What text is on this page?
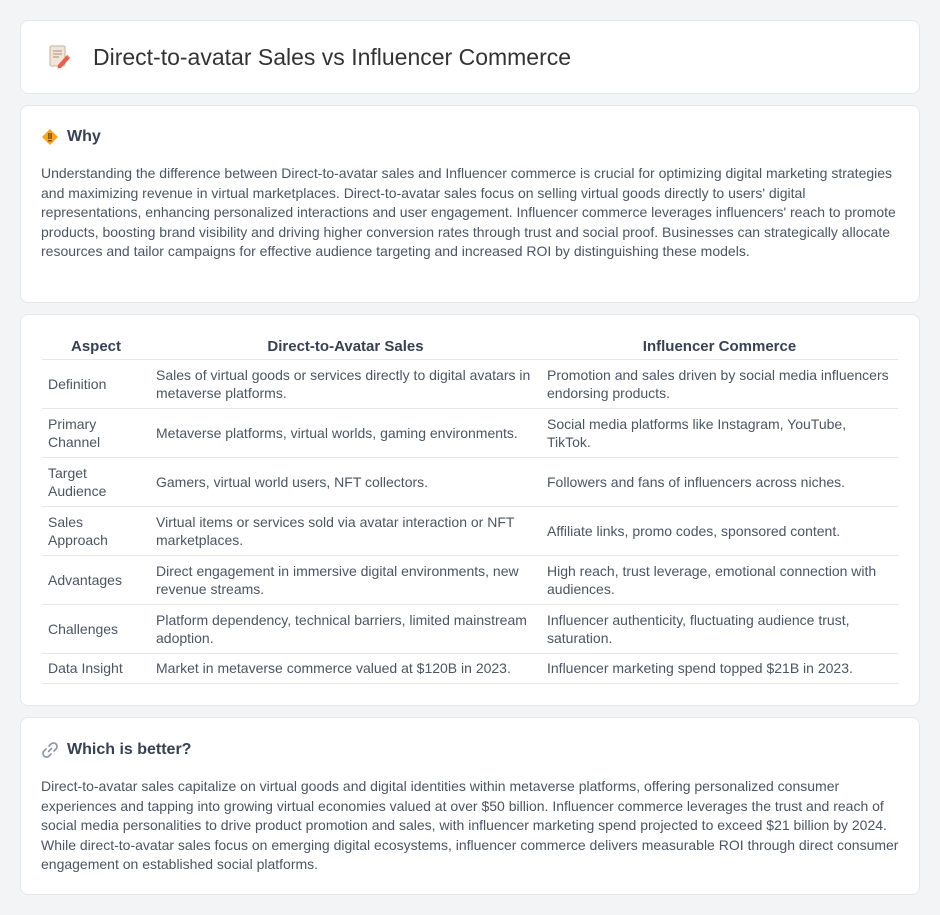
Direct-to-avatar Sales vs Influencer Commerce
Why

Understanding the difference between Direct-to-avatar sales and Influencer commerce is crucial for optimizing digital marketing strategies and maximizing revenue in virtual marketplaces. Direct-to-avatar sales focus on selling virtual goods directly to users' digital representations, enhancing personalized interactions and user engagement. Influencer commerce leverages influencers' reach to promote products, boosting brand visibility and driving higher conversion rates through trust and social proof. Businesses can strategically allocate resources and tailor campaigns for effective audience targeting and increased ROI by distinguishing these models.

Aspect	Direct-to-Avatar Sales	Influencer Commerce
Definition	Sales of virtual goods or services directly to digital avatars in metaverse platforms.	Promotion and sales driven by social media influencers endorsing products.
Primary Channel	Metaverse platforms, virtual worlds, gaming environments.	Social media platforms like Instagram, YouTube, TikTok.
Target Audience	Gamers, virtual world users, NFT collectors.	Followers and fans of influencers across niches.
Sales Approach	Virtual items or services sold via avatar interaction or NFT marketplaces.	Affiliate links, promo codes, sponsored content.
Advantages	Direct engagement in immersive digital environments, new revenue streams.	High reach, trust leverage, emotional connection with audiences.
Challenges	Platform dependency, technical barriers, limited mainstream adoption.	Influencer authenticity, fluctuating audience trust, saturation.
Data Insight	Market in metaverse commerce valued at $120B in 2023.	Influencer marketing spend topped $21B in 2023.
Which is better?

Direct-to-avatar sales capitalize on virtual goods and digital identities within metaverse platforms, offering personalized consumer experiences and tapping into growing virtual economies valued at over $50 billion. Influencer commerce leverages the trust and reach of social media personalities to drive product promotion and sales, with influencer marketing spend projected to exceed $21 billion by 2024. While direct-to-avatar sales focus on emerging digital ecosystems, influencer commerce delivers measurable ROI through direct consumer engagement on established social platforms.
